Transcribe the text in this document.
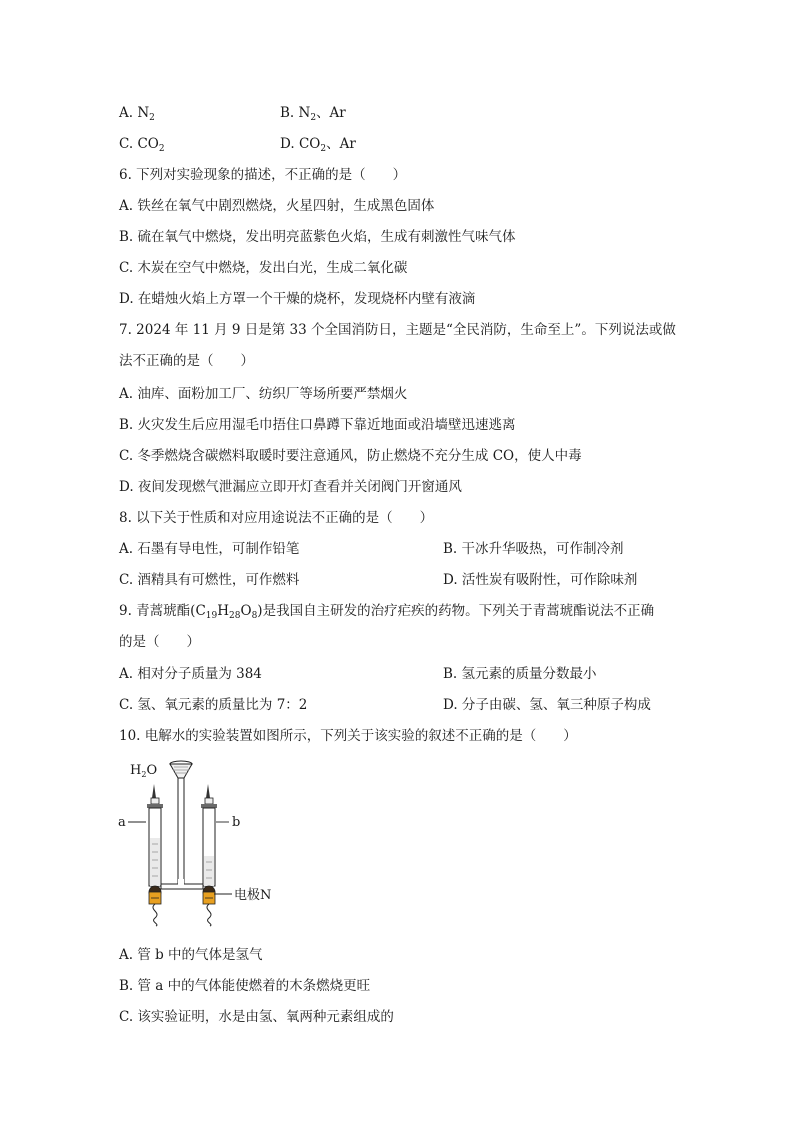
A. $N_2$	B. $N_2$、Ar
C. $CO_2$	D. $CO_2$、Ar
6. 下列对实验现象的描述，不正确的是（　　）
A. 铁丝在氧气中剧烈燃烧，火星四射，生成黑色固体
B. 硫在氧气中燃烧，发出明亮蓝紫色火焰，生成有刺激性气味气体
C. 木炭在空气中燃烧，发出白光，生成二氧化碳
D. 在蜡烛火焰上方罩一个干燥的烧杯，发现烧杯内壁有液滴
7. 2024 年 11 月 9 日是第 33 个全国消防日，主题是“全民消防，生命至上”。下列说法或做
法不正确的是（　　）
A. 油库、面粉加工厂、纺织厂等场所要严禁烟火
B. 火灾发生后应用湿毛巾捂住口鼻蹲下靠近地面或沿墙壁迅速逃离
C. 冬季燃烧含碳燃料取暖时要注意通风，防止燃烧不充分生成 CO，使人中毒
D. 夜间发现燃气泄漏应立即开灯查看并关闭阀门开窗通风
8. 以下关于性质和对应用途说法不正确的是（　　）
A. 石墨有导电性，可制作铅笔	B. 干冰升华吸热，可作制冷剂
C. 酒精具有可燃性，可作燃料	D. 活性炭有吸附性，可作除味剂
9. 青蒿琥酯$(C_{19}H_{28}O_8)$是我国自主研发的治疗疟疾的药物。下列关于青蒿琥酯说法不正确
的是（　　）
A. 相对分子质量为 384	B. 氢元素的质量分数最小
C. 氢、氧元素的质量比为 7：2	D. 分子由碳、氢、氧三种原子构成
10. 电解水的实验装置如图所示，下列关于该实验的叙述不正确的是（　　）
$H_2O$
a	b
电极N
A. 管 b 中的气体是氢气
B. 管 a 中的气体能使燃着的木条燃烧更旺
C. 该实验证明，水是由氢、氧两种元素组成的
